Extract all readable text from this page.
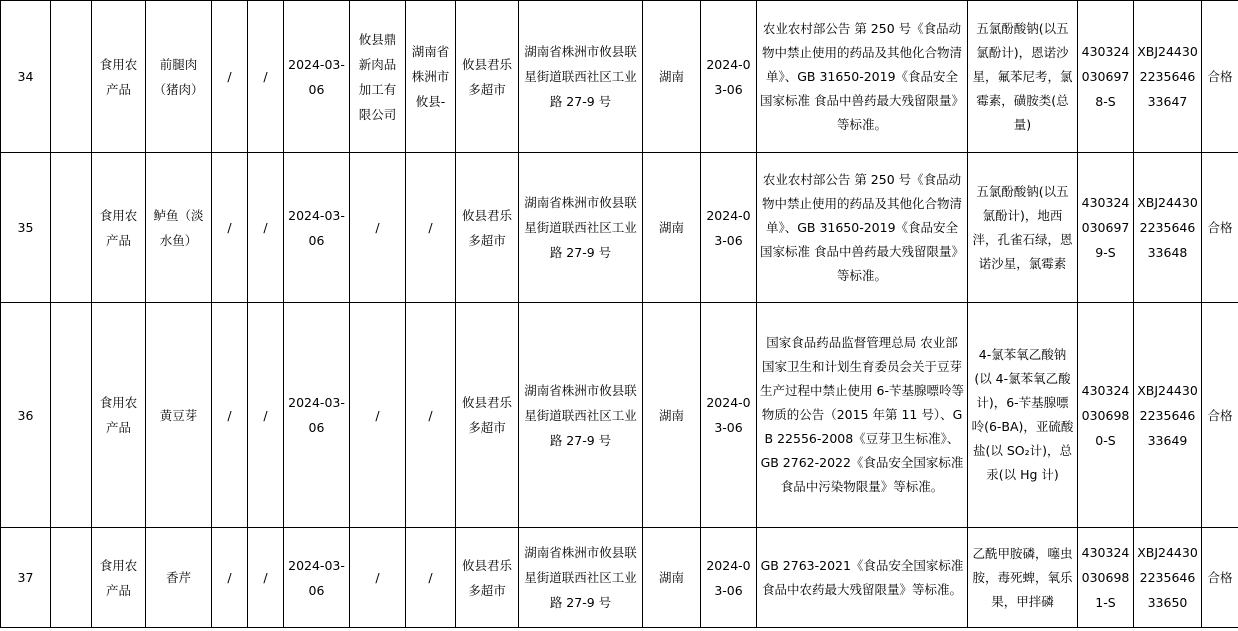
34		食用农产品	前腿肉（猪肉）	/	/	2024-03-06	攸县鼎新肉品加工有限公司	湖南省株洲市攸县-	攸县君乐多超市	湖南省株洲市攸县联星街道联西社区工业路 27-9 号	湖南	2024-03-06	农业农村部公告 第 250 号《食品动物中禁止使用的药品及其他化合物清单》、GB 31650-2019《食品安全国家标准 食品中兽药最大残留限量》等标准。	五氯酚酸钠(以五氯酚计)，恩诺沙星，氟苯尼考，氯霉素，磺胺类(总量)	4303240306978-S	XBJ24430223564633647	合格
35		食用农产品	鲈鱼（淡水鱼）	/	/	2024-03-06	/	/	攸县君乐多超市	湖南省株洲市攸县联星街道联西社区工业路 27-9 号	湖南	2024-03-06	农业农村部公告 第 250 号《食品动物中禁止使用的药品及其他化合物清单》、GB 31650-2019《食品安全国家标准 食品中兽药最大残留限量》等标准。	五氯酚酸钠(以五氯酚计)，地西泮，孔雀石绿，恩诺沙星，氯霉素	4303240306979-S	XBJ24430223564633648	合格
36		食用农产品	黄豆芽	/	/	2024-03-06	/	/	攸县君乐多超市	湖南省株洲市攸县联星街道联西社区工业路 27-9 号	湖南	2024-03-06	国家食品药品监督管理总局 农业部 国家卫生和计划生育委员会关于豆芽生产过程中禁止使用 6-苄基腺嘌呤等物质的公告（2015 年第 11 号）、GB 22556-2008《豆芽卫生标准》、GB 2762-2022《食品安全国家标准 食品中污染物限量》等标准。	4-氯苯氧乙酸钠(以 4-氯苯氧乙酸计)，6-苄基腺嘌呤(6-BA)，亚硫酸盐(以 SO₂计)，总汞(以 Hg 计)	4303240306980-S	XBJ24430223564633649	合格
37		食用农产品	香芹	/	/	2024-03-06	/	/	攸县君乐多超市	湖南省株洲市攸县联星街道联西社区工业路 27-9 号	湖南	2024-03-06	GB 2763-2021《食品安全国家标准 食品中农药最大残留限量》等标准。	乙酰甲胺磷，噻虫胺，毒死蜱，氧乐果，甲拌磷	4303240306981-S	XBJ24430223564633650	合格
